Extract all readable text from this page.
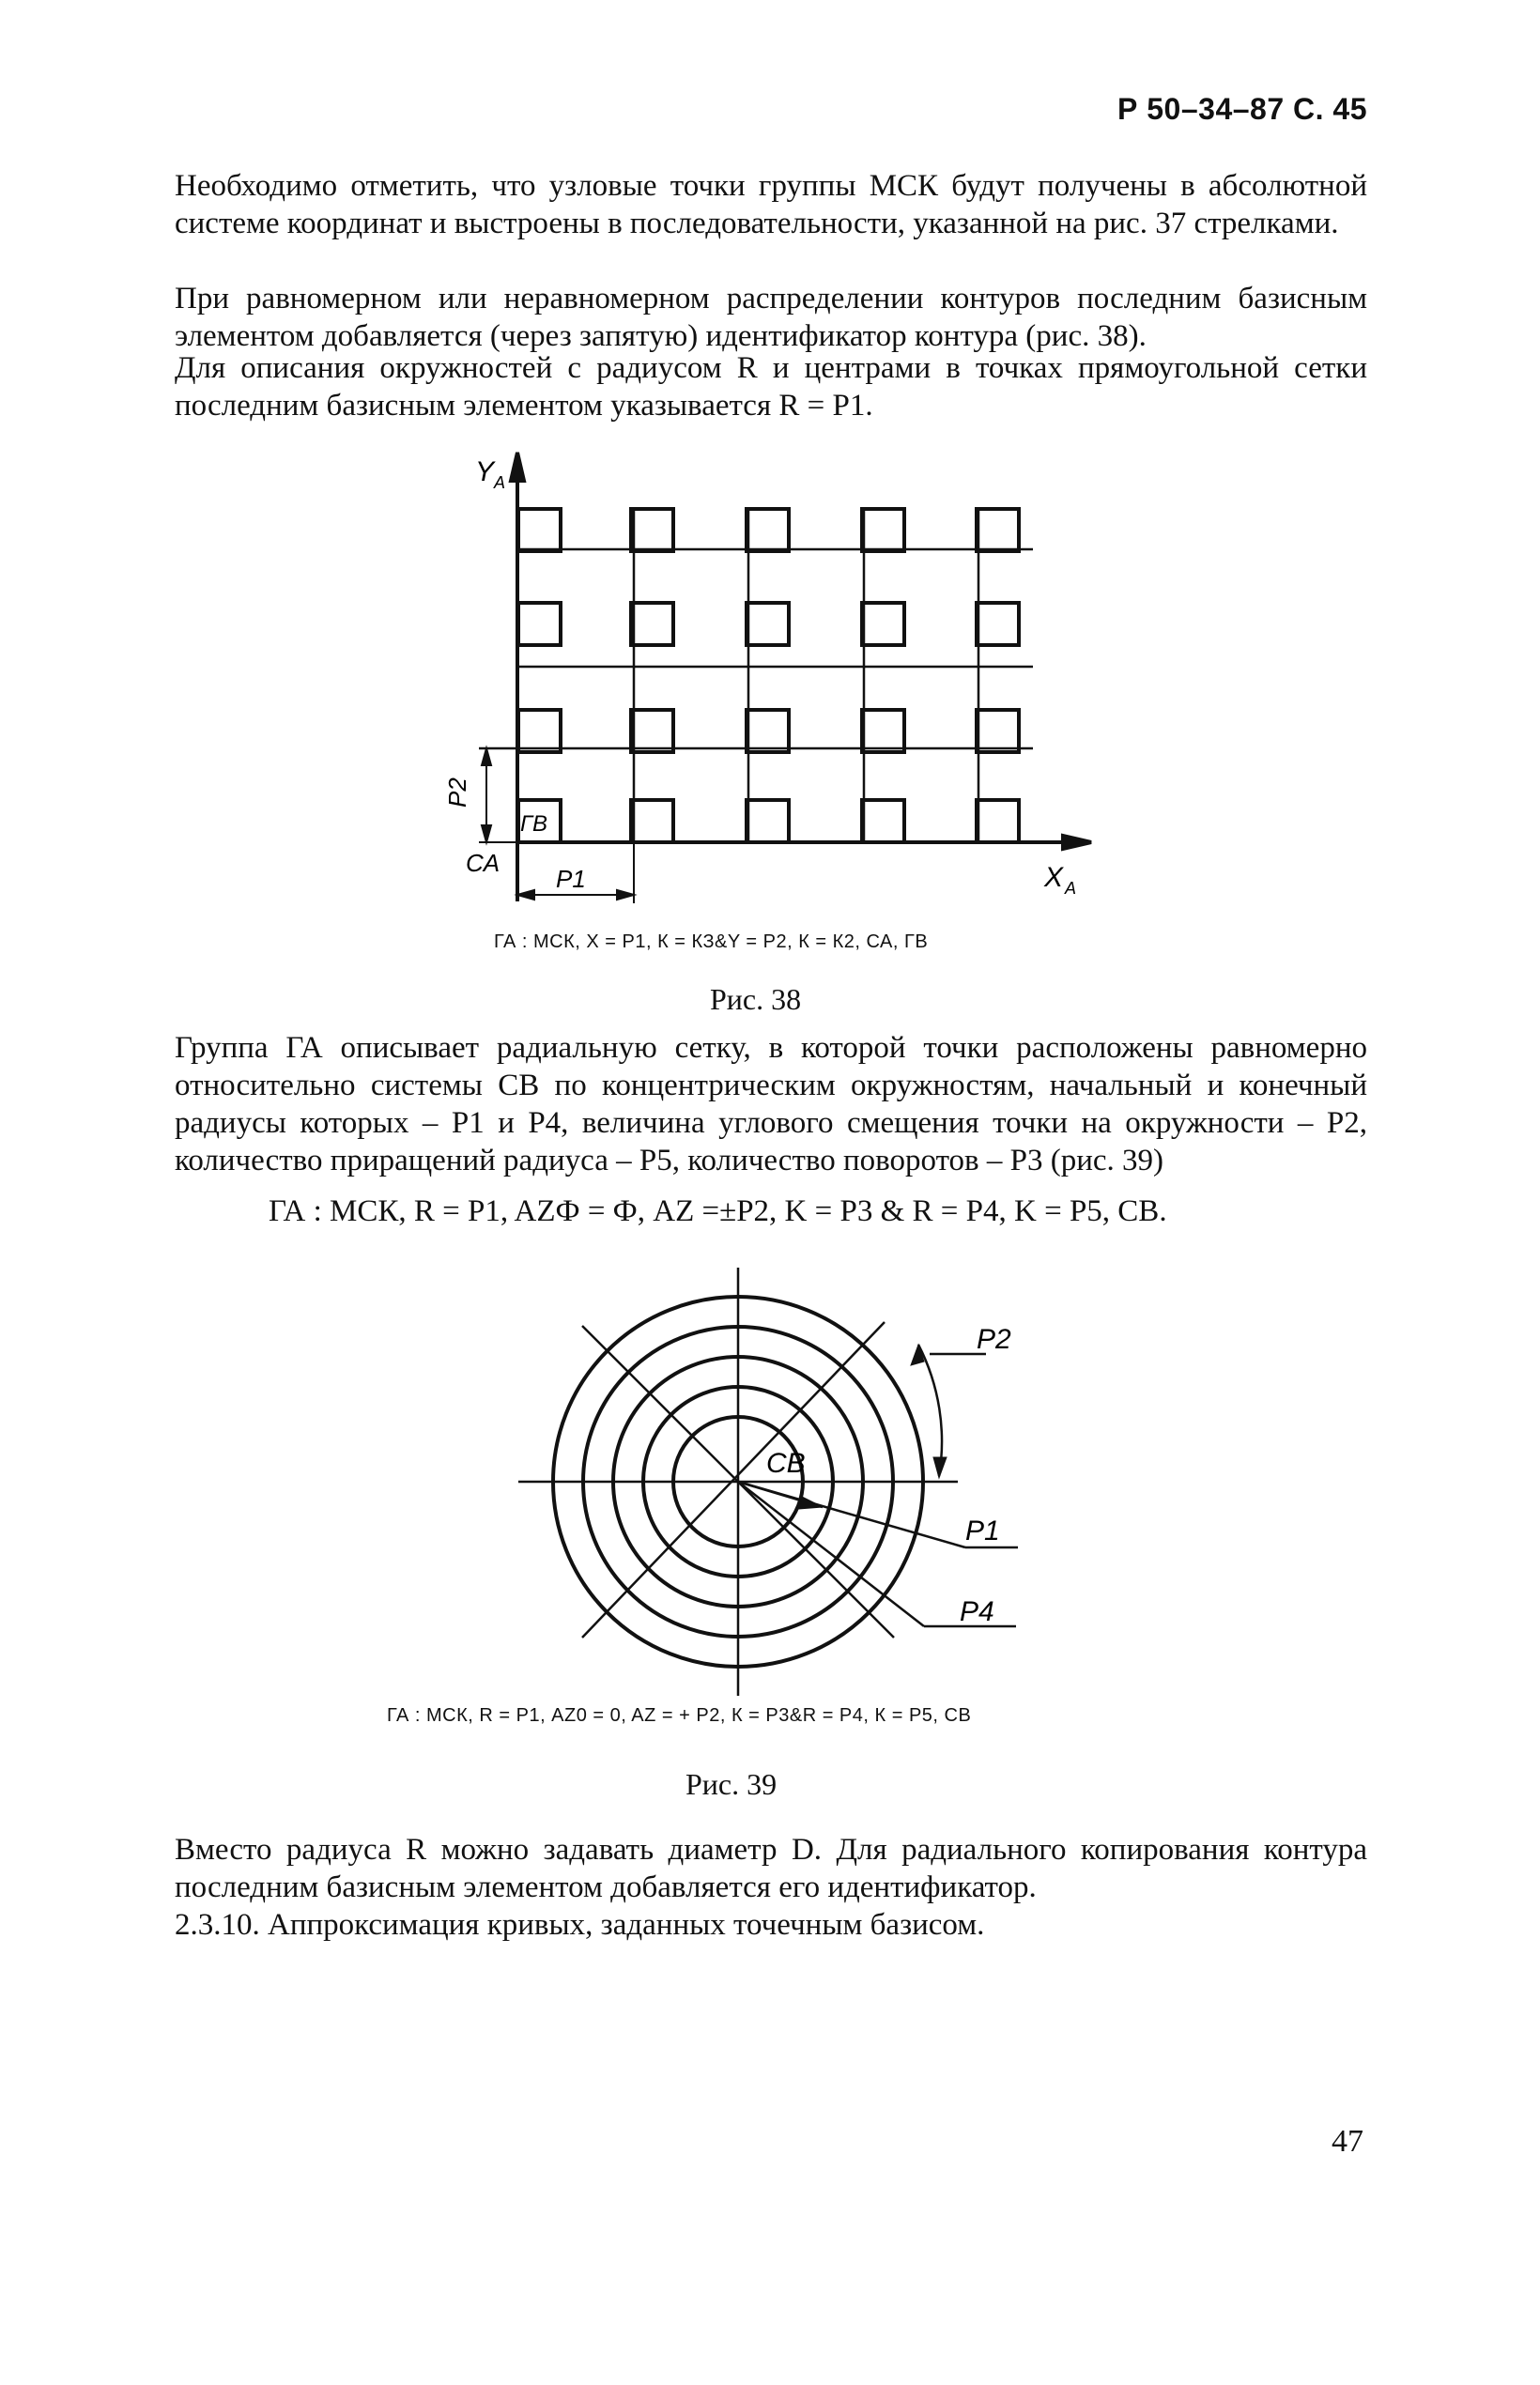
Р 50–34–87 С. 45

Необходимо отметить, что узловые точки группы МСК будут получены в абсолютной системе координат и выстроены в последовательности, указанной на рис. 37 стрелками.

При равномерном или неравномерном распределении контуров последним базисным элементом добавляется (через запятую) идентификатор контура (рис. 38).

Для описания окружностей с радиусом R и центрами в точках прямоугольной сетки последним базисным элементом указывается R = P1.

Y A
X A
P2
P1
CA
ГВ
ГА : МСК, Х = Р1, К = КЗ&Y = Р2, К = К2, СА, ГВ
Рис. 38

Группа ГА описывает радиальную сетку, в которой точки расположены равномерно относительно системы СВ по концентрическим окружностям, начальный и конечный радиусы которых – Р1 и Р4, величина углового смещения точки на окружности – Р2, количество приращений радиуса – Р5, количество поворотов – Р3 (рис. 39)

ГА : МСК, R = P1, AZФ = Ф, AZ =±P2, K = P3 & R = P4, K = P5, CB.
P2
CB
P1
P4
ГА : МСК, R = Р1, AZ0 = 0, AZ = + Р2, К = Р3&R = Р4, К = Р5, СВ
Рис. 39

Вместо радиуса R можно задавать диаметр D. Для радиального копирования контура последним базисным элементом добавляется его идентификатор.

2.3.10. Аппроксимация кривых, заданных точечным базисом.

47
